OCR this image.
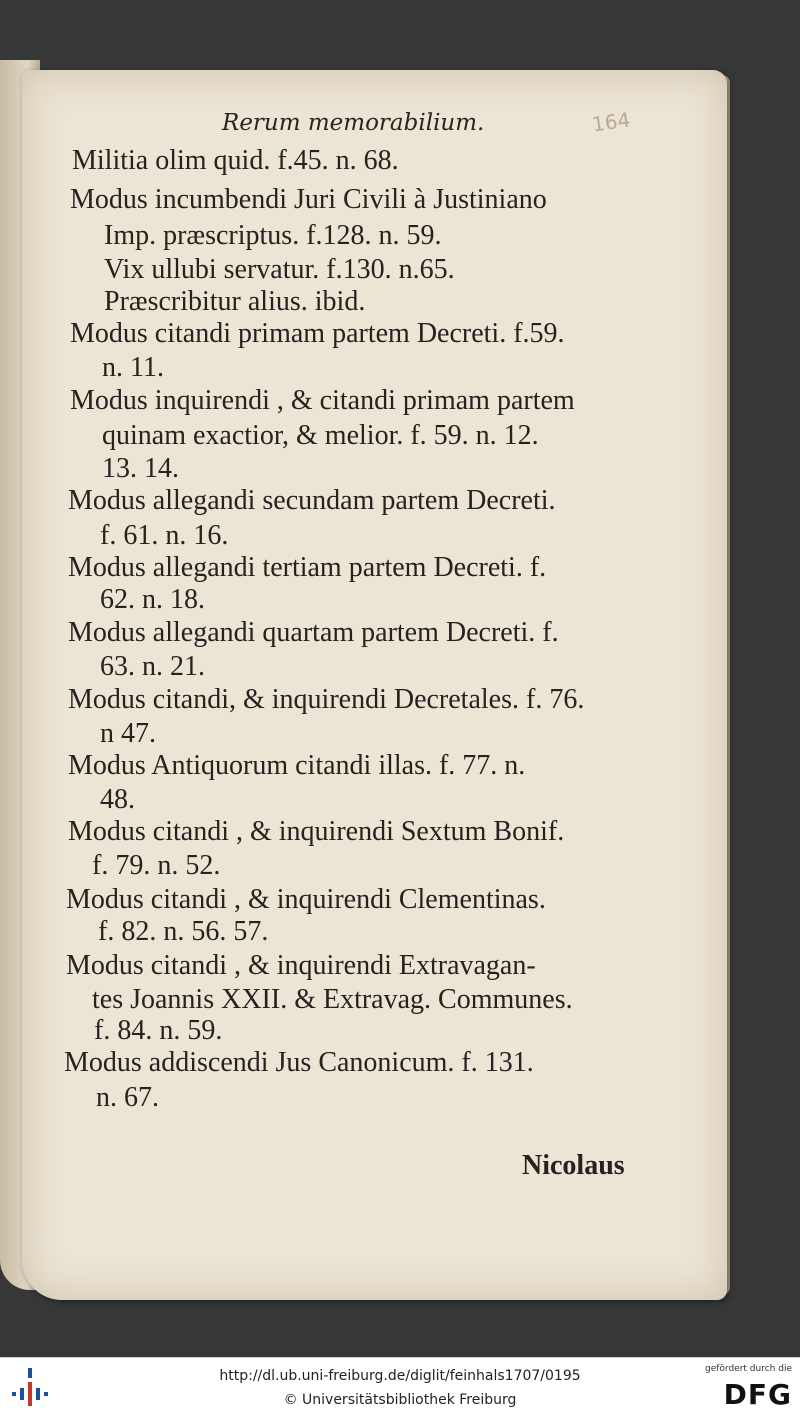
Rerum memorabilium.	164
Militia olim quid. f.45. n. 68.
Modus incumbendi Juri Civili à Justiniano
Imp. præscriptus. f.128. n. 59.
Vix ullubi servatur. f.130. n.65.
Præscribitur alius. ibid.
Modus citandi primam partem Decreti. f.59.
n. 11.
Modus inquirendi , & citandi primam partem
quinam exactior, & melior. f. 59. n. 12.
13. 14.
Modus allegandi secundam partem Decreti.
f. 61. n. 16.
Modus allegandi tertiam partem Decreti. f.
62. n. 18.
Modus allegandi quartam partem Decreti. f.
63. n. 21.
Modus citandi, & inquirendi Decretales. f. 76.
n 47.
Modus Antiquorum citandi illas. f. 77. n.
48.
Modus citandi , & inquirendi Sextum Bonif.
f. 79. n. 52.
Modus citandi , & inquirendi Clementinas.
f. 82. n. 56. 57.
Modus citandi , & inquirendi Extravagan-
tes Joannis XXII. & Extravag. Communes.
f. 84. n. 59.
Modus addiscendi Jus Canonicum. f. 131.
n. 67.
Nicolaus
http://dl.ub.uni-freiburg.de/diglit/feinhals1707/0195
© Universitätsbibliothek Freiburg
gefördert durch die
DFG
